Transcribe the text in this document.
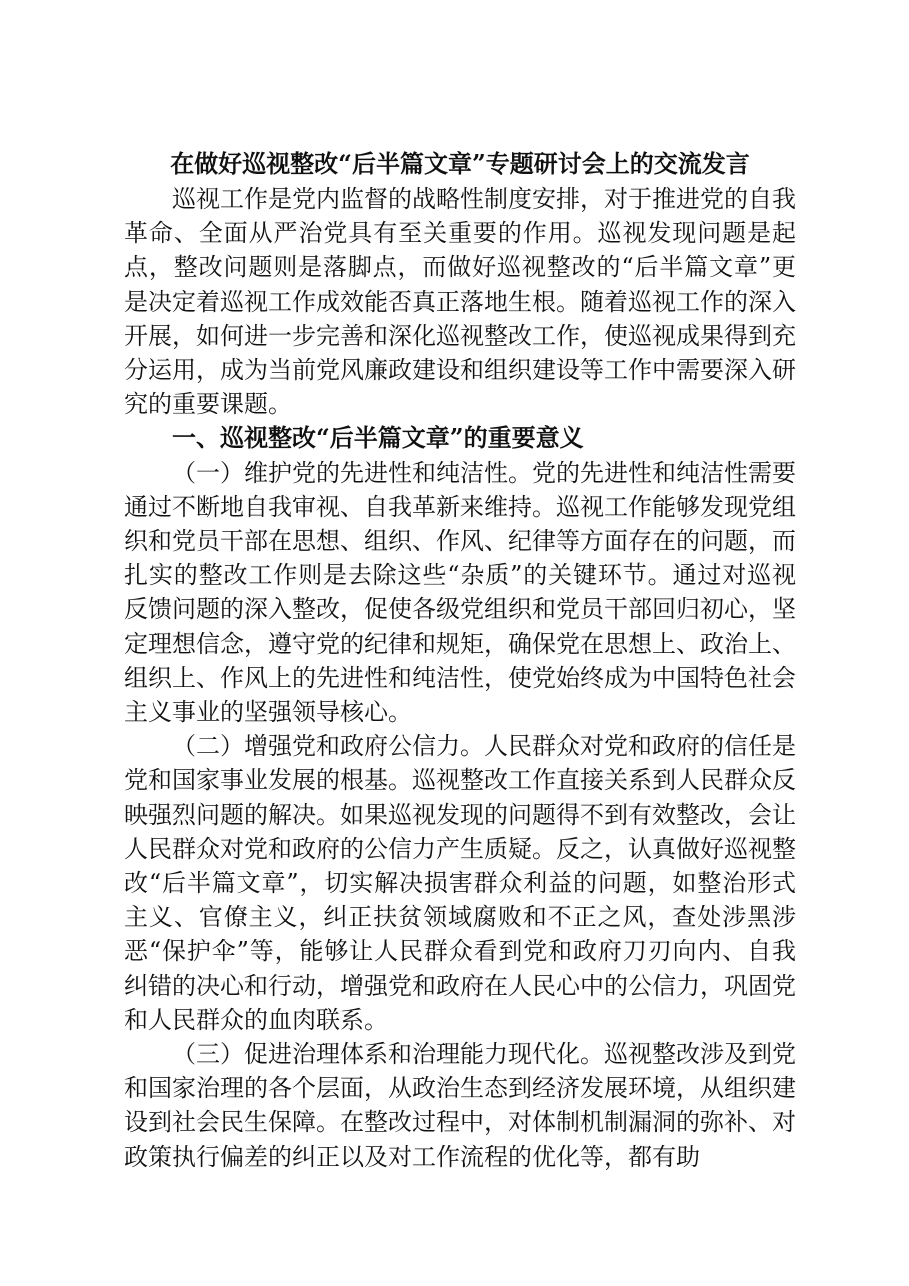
在做好巡视整改“后半篇文章”专题研讨会上的交流发言

巡视工作是党内监督的战略性制度安排，对于推进党的自我革命、全面从严治党具有至关重要的作用。巡视发现问题是起点，整改问题则是落脚点，而做好巡视整改的“后半篇文章”更是决定着巡视工作成效能否真正落地生根。随着巡视工作的深入开展，如何进一步完善和深化巡视整改工作，使巡视成果得到充分运用，成为当前党风廉政建设和组织建设等工作中需要深入研究的重要课题。

一、巡视整改“后半篇文章”的重要意义

（一）维护党的先进性和纯洁性。党的先进性和纯洁性需要通过不断地自我审视、自我革新来维持。巡视工作能够发现党组织和党员干部在思想、组织、作风、纪律等方面存在的问题，而扎实的整改工作则是去除这些“杂质”的关键环节。通过对巡视反馈问题的深入整改，促使各级党组织和党员干部回归初心，坚定理想信念，遵守党的纪律和规矩，确保党在思想上、政治上、组织上、作风上的先进性和纯洁性，使党始终成为中国特色社会主义事业的坚强领导核心。

（二）增强党和政府公信力。人民群众对党和政府的信任是党和国家事业发展的根基。巡视整改工作直接关系到人民群众反映强烈问题的解决。如果巡视发现的问题得不到有效整改，会让人民群众对党和政府的公信力产生质疑。反之，认真做好巡视整改“后半篇文章”，切实解决损害群众利益的问题，如整治形式主义、官僚主义，纠正扶贫领域腐败和不正之风，查处涉黑涉恶“保护伞”等，能够让人民群众看到党和政府刀刃向内、自我纠错的决心和行动，增强党和政府在人民心中的公信力，巩固党和人民群众的血肉联系。

（三）促进治理体系和治理能力现代化。巡视整改涉及到党和国家治理的各个层面，从政治生态到经济发展环境，从组织建设到社会民生保障。在整改过程中，对体制机制漏洞的弥补、对政策执行偏差的纠正以及对工作流程的优化等，都有助
